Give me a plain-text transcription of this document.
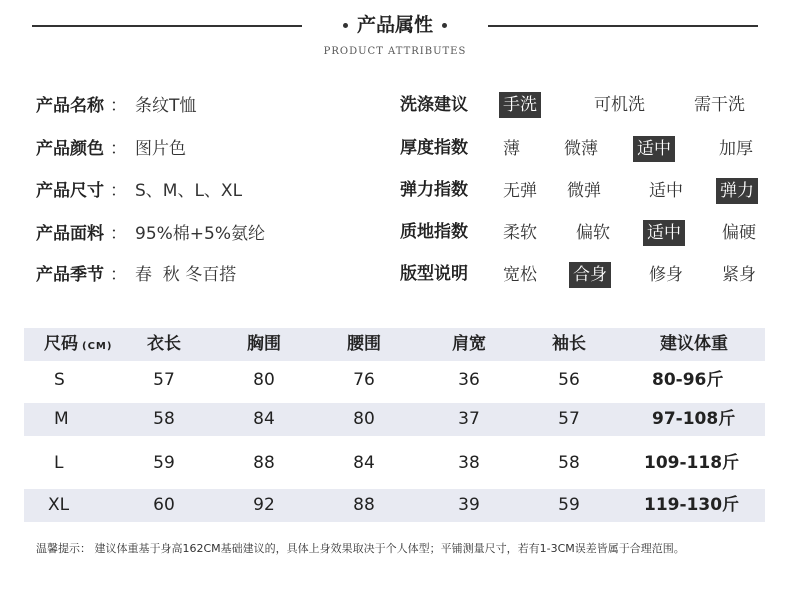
产品属性
PRODUCT ATTRIBUTES
产品名称 ： 条纹T恤
产品颜色 ： 图片色
产品尺寸 ： S、M、L、XL
产品面料 ： 95%棉+5%氨纶
产品季节 ： 春  秋 冬百搭
洗涤建议 手洗	可机洗	需干洗
厚度指数 薄	微薄 适中	加厚
弹力指数 无弹 微弹	适中 弹力
质地指数 柔软 偏软 适中 偏硬
版型说明 宽松 合身 修身 紧身
尺码 (CM)	衣长	胸围	腰围	肩宽	袖长	建议体重
S	57	80	76	36	56	80-96斤
M	58	84	80	37	57	97-108斤
L	59	88	84	38	58	109-118斤
XL	60	92	88	39	59	119-130斤
温馨提示： 建议体重基于身高162CM基础建议的，具体上身效果取决于个人体型；平铺测量尺寸，若有1-3CM误差皆属于合理范围。
